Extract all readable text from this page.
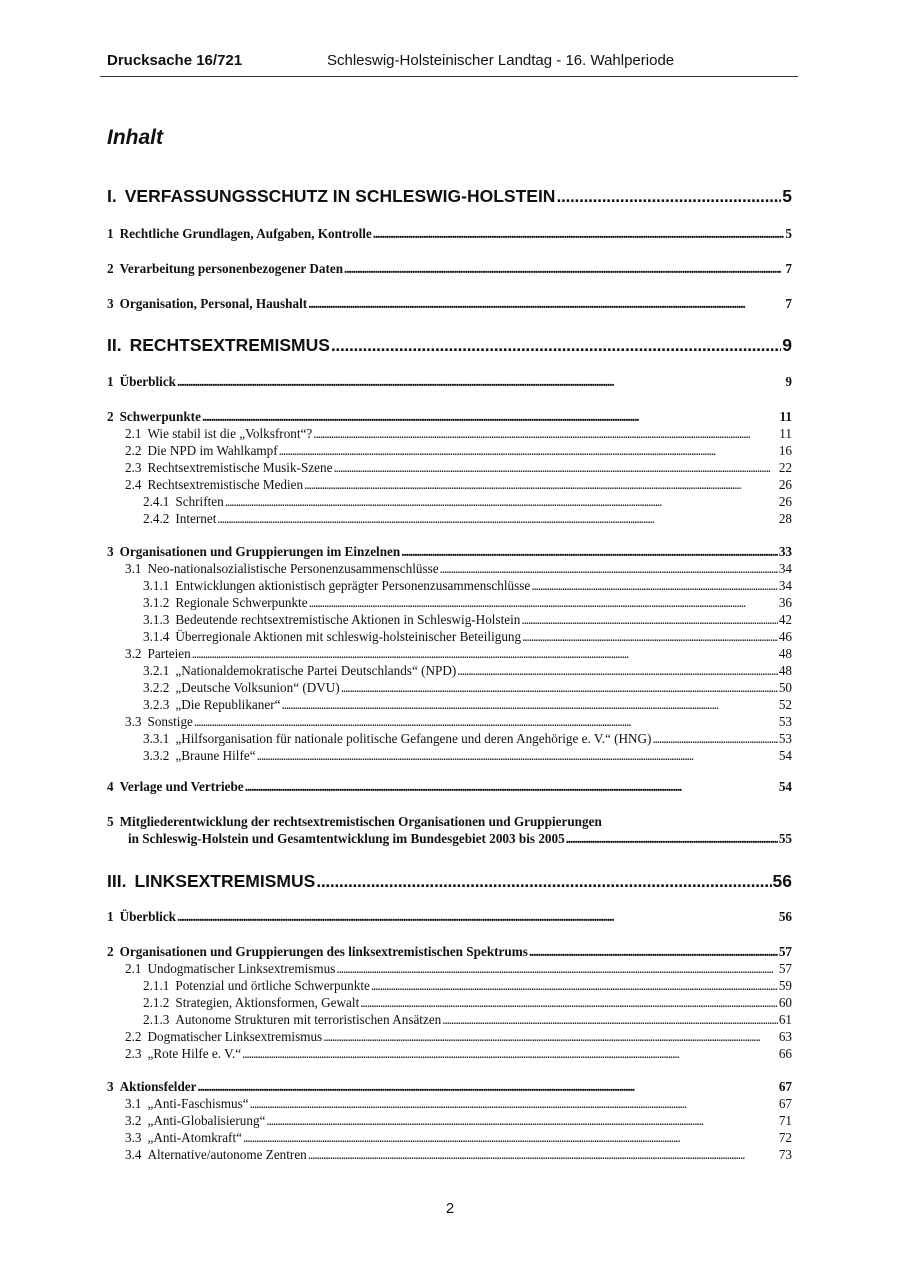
Drucksache 16/721	Schleswig-Holsteinischer Landtag - 16. Wahlperiode
Inhalt
I. VERFASSUNGSSCHUTZ IN SCHLESWIG-HOLSTEIN . . .	5
1 Rechtliche Grundlagen, Aufgaben, Kontrolle . . .	5
2 Verarbeitung personenbezogener Daten . . .	7
3 Organisation, Personal, Haushalt . . .	7
II. RECHTSEXTREMISMUS . . .	9
1 Überblick . . .	9
2 Schwerpunkte . . .	11
2.1 Wie stabil ist die „Volksfront“? . . .	11
2.2 Die NPD im Wahlkampf . . .	16
2.3 Rechtsextremistische Musik-Szene . . .	22
2.4 Rechtsextremistische Medien . . .	26
2.4.1 Schriften . . .	26
2.4.2 Internet . . .	28
3 Organisationen und Gruppierungen im Einzelnen . . .	33
3.1 Neo-nationalsozialistische Personenzusammenschlüsse . . .	34
3.1.1 Entwicklungen aktionistisch geprägter Personenzusammenschlüsse . . .	34
3.1.2 Regionale Schwerpunkte . . .	36
3.1.3 Bedeutende rechtsextremistische Aktionen in Schleswig-Holstein . . .	42
3.1.4 Überregionale Aktionen mit schleswig-holsteinischer Beteiligung . . .	46
3.2 Parteien . . .	48
3.2.1 „Nationaldemokratische Partei Deutschlands“ (NPD) . . .	48
3.2.2 „Deutsche Volksunion“ (DVU) . . .	50
3.2.3 „Die Republikaner“ . . .	52
3.3 Sonstige . . .	53
3.3.1 „Hilfsorganisation für nationale politische Gefangene und deren Angehörige e. V.“ (HNG) . . .	53
3.3.2 „Braune Hilfe“ . . .	54
4 Verlage und Vertriebe . . .	54
5 Mitgliederentwicklung der rechtsextremistischen Organisationen und Gruppierungen
in Schleswig-Holstein und Gesamtentwicklung im Bundesgebiet 2003 bis 2005 . . .	55
III. LINKSEXTREMISMUS . . .	56
1 Überblick . . .	56
2 Organisationen und Gruppierungen des linksextremistischen Spektrums . . .	57
2.1 Undogmatischer Linksextremismus . . .	57
2.1.1 Potenzial und örtliche Schwerpunkte . . .	59
2.1.2 Strategien, Aktionsformen, Gewalt . . .	60
2.1.3 Autonome Strukturen mit terroristischen Ansätzen . . .	61
2.2 Dogmatischer Linksextremismus . . .	63
2.3 „Rote Hilfe e. V.“ . . .	66
3 Aktionsfelder . . .	67
3.1 „Anti-Faschismus“ . . .	67
3.2 „Anti-Globalisierung“ . . .	71
3.3 „Anti-Atomkraft“ . . .	72
3.4 Alternative/autonome Zentren . . .	73
2
